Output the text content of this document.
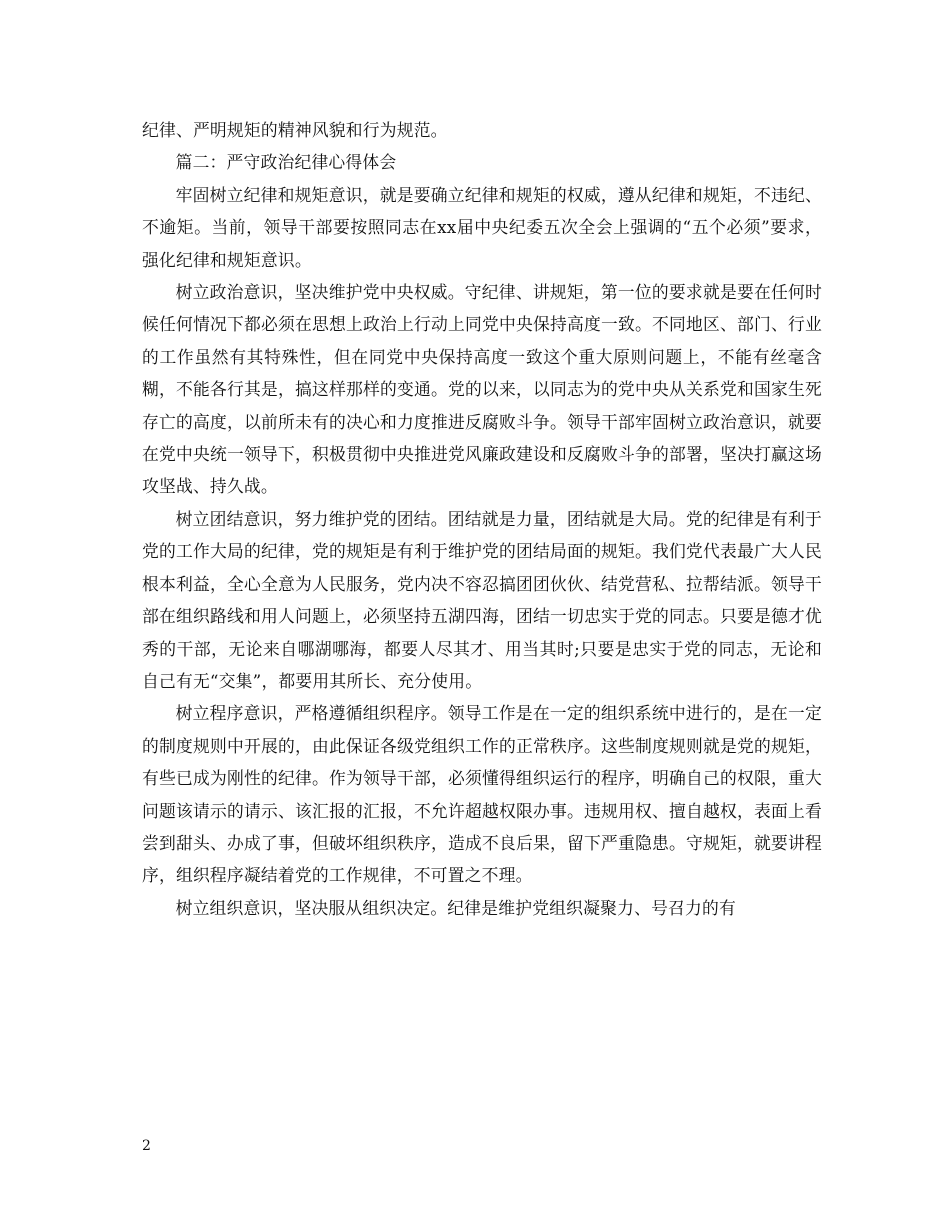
纪律、严明规矩的精神风貌和行为规范。

篇二：严守政治纪律心得体会

牢固树立纪律和规矩意识，就是要确立纪律和规矩的权威，遵从纪律和规矩，不违纪、不逾矩。当前，领导干部要按照同志在xx届中央纪委五次全会上强调的“五个必须”要求，强化纪律和规矩意识。

树立政治意识，坚决维护党中央权威。守纪律、讲规矩，第一位的要求就是要在任何时候任何情况下都必须在思想上政治上行动上同党中央保持高度一致。不同地区、部门、行业的工作虽然有其特殊性，但在同党中央保持高度一致这个重大原则问题上，不能有丝毫含糊，不能各行其是，搞这样那样的变通。党的以来，以同志为的党中央从关系党和国家生死存亡的高度，以前所未有的决心和力度推进反腐败斗争。领导干部牢固树立政治意识，就要在党中央统一领导下，积极贯彻中央推进党风廉政建设和反腐败斗争的部署，坚决打赢这场攻坚战、持久战。

树立团结意识，努力维护党的团结。团结就是力量，团结就是大局。党的纪律是有利于党的工作大局的纪律，党的规矩是有利于维护党的团结局面的规矩。我们党代表最广大人民根本利益，全心全意为人民服务，党内决不容忍搞团团伙伙、结党营私、拉帮结派。领导干部在组织路线和用人问题上，必须坚持五湖四海，团结一切忠实于党的同志。只要是德才优秀的干部，无论来自哪湖哪海，都要人尽其才、用当其时;只要是忠实于党的同志，无论和自己有无“交集”，都要用其所长、充分使用。

树立程序意识，严格遵循组织程序。领导工作是在一定的组织系统中进行的，是在一定的制度规则中开展的，由此保证各级党组织工作的正常秩序。这些制度规则就是党的规矩，有些已成为刚性的纪律。作为领导干部，必须懂得组织运行的程序，明确自己的权限，重大问题该请示的请示、该汇报的汇报，不允许超越权限办事。违规用权、擅自越权，表面上看尝到甜头、办成了事，但破坏组织秩序，造成不良后果，留下严重隐患。守规矩，就要讲程序，组织程序凝结着党的工作规律，不可置之不理。

树立组织意识，坚决服从组织决定。纪律是维护党组织凝聚力、号召力的有

2
